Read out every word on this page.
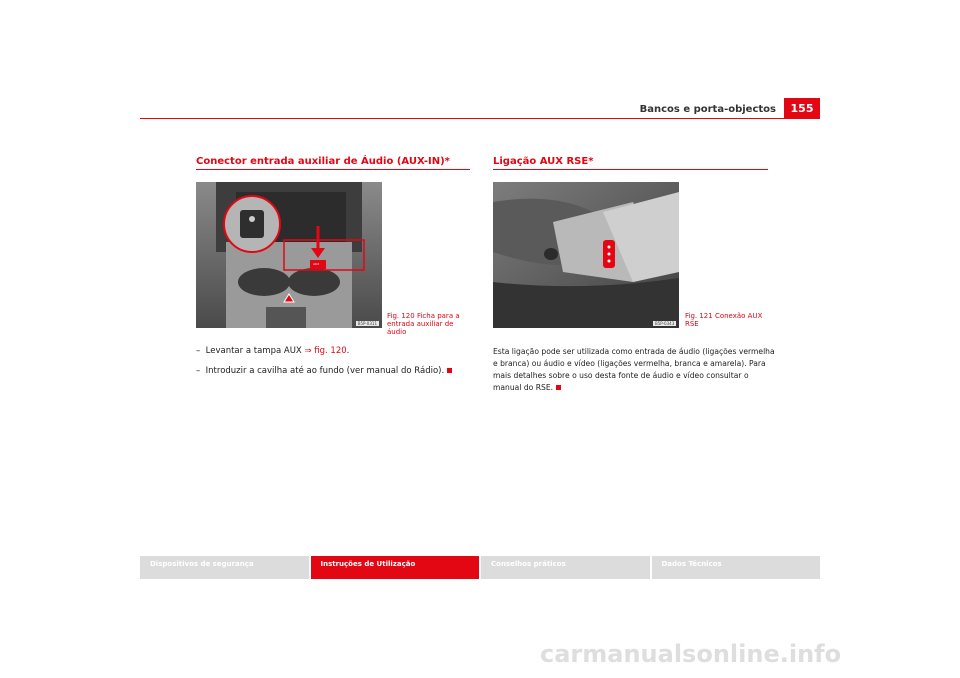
Bancos e porta-objectos	155
Conector entrada auxiliar de Áudio (AUX-IN)*
AUX
B5P-0311
Fig. 120 Ficha para a entrada auxiliar de áudio
– Levantar a tampa AUX ⇒ fig. 120.
– Introduzir a cavilha até ao fundo (ver manual do Rádio).
Ligação AUX RSE*
B5P-0343
Fig. 121 Conexão AUX RSE
Esta ligação pode ser utilizada como entrada de áudio (ligações vermelha e branca) ou áudio e vídeo (ligações vermelha, branca e amarela). Para mais detalhes sobre o uso desta fonte de áudio e vídeo consultar o manual do RSE.
Dispositivos de segurança	Instruções de Utilização	Conselhos práticos	Dados Técnicos
carmanualsonline.info
